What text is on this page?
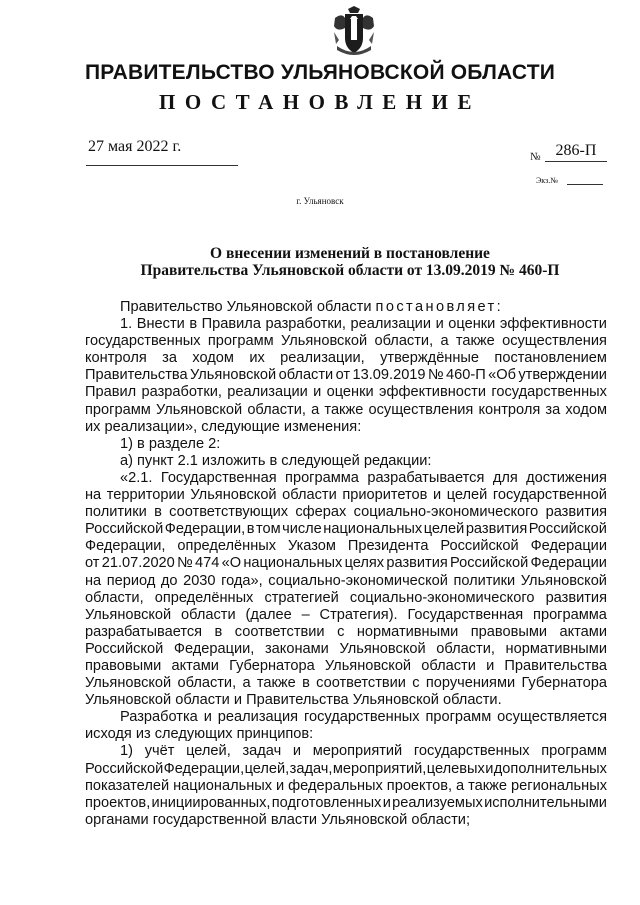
ПРАВИТЕЛЬСТВО УЛЬЯНОВСКОЙ ОБЛАСТИ
ПОСТАНОВЛЕНИЕ
27 мая 2022 г.
№ 286-П
Экз.№
г. Ульяновск
О внесении изменений в постановление
Правительства Ульяновской области от 13.09.2019 № 460-П
Правительство Ульяновской области постановляет:
1. Внести в Правила разработки, реализации и оценки эффективности
государственных программ Ульяновской области, а также осуществления
контроля за ходом их реализации, утверждённые постановлением
Правительства Ульяновской области от 13.09.2019 № 460-П «Об утверждении
Правил разработки, реализации и оценки эффективности государственных
программ Ульяновской области, а также осуществления контроля за ходом
их реализации», следующие изменения:
1) в разделе 2:
а) пункт 2.1 изложить в следующей редакции:
«2.1. Государственная программа разрабатывается для достижения
на территории Ульяновской области приоритетов и целей государственной
политики в соответствующих сферах социально-экономического развития
Российской Федерации, в том числе национальных целей развития Российской
Федерации, определённых Указом Президента Российской Федерации
от 21.07.2020 № 474 «О национальных целях развития Российской Федерации
на период до 2030 года», социально-экономической политики Ульяновской
области, определённых стратегией социально-экономического развития
Ульяновской области (далее – Стратегия). Государственная программа
разрабатывается в соответствии с нормативными правовыми актами
Российской Федерации, законами Ульяновской области, нормативными
правовыми актами Губернатора Ульяновской области и Правительства
Ульяновской области, а также в соответствии с поручениями Губернатора
Ульяновской области и Правительства Ульяновской области.
Разработка и реализация государственных программ осуществляется
исходя из следующих принципов:
1) учёт целей, задач и мероприятий государственных программ
Российской Федерации, целей, задач, мероприятий, целевых и дополнительных
показателей национальных и федеральных проектов, а также региональных
проектов, инициированных, подготовленных и реализуемых исполнительными
органами государственной власти Ульяновской области;
